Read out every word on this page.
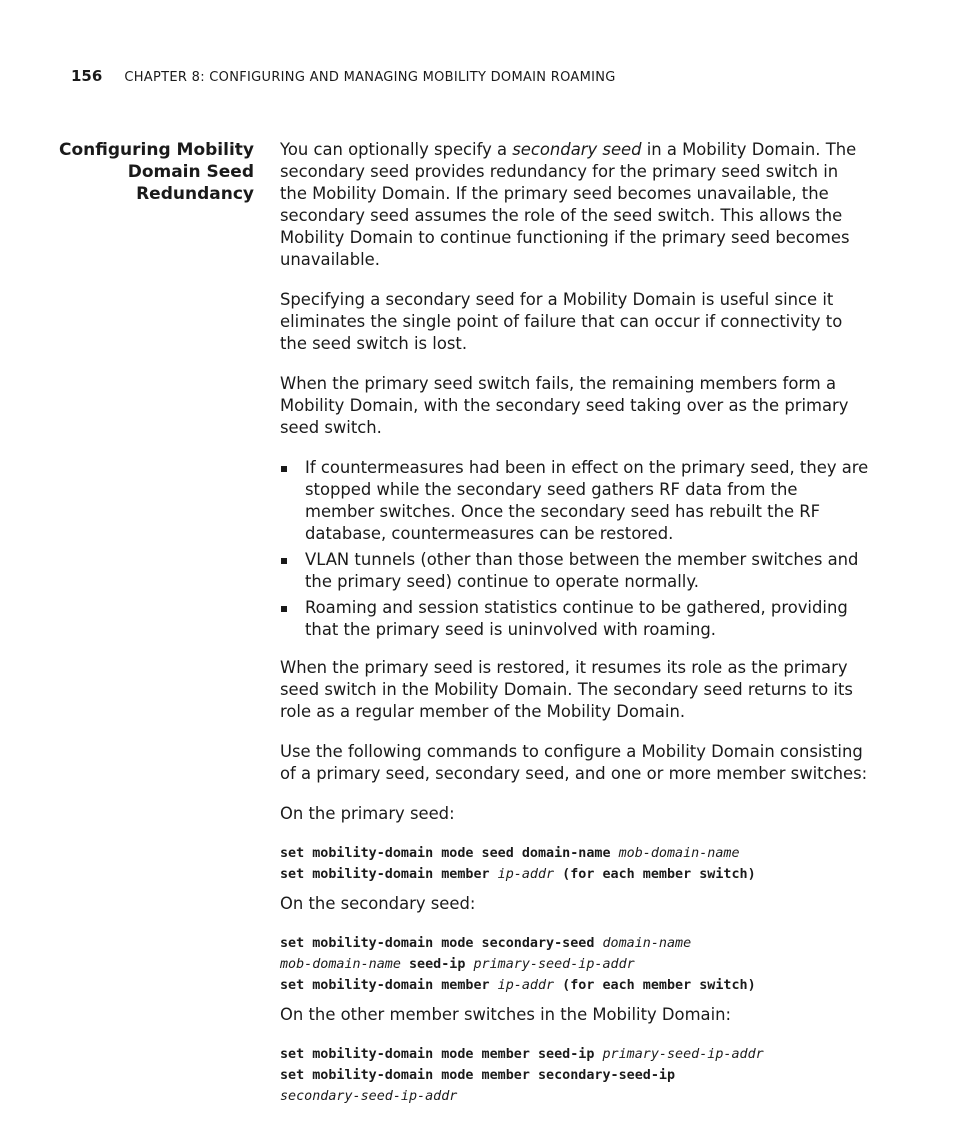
156 CHAPTER 8: CONFIGURING AND MANAGING MOBILITY DOMAIN ROAMING
Configuring Mobility
Domain Seed
Redundancy

You can optionally specify a secondary seed in a Mobility Domain. The secondary seed provides redundancy for the primary seed switch in the Mobility Domain. If the primary seed becomes unavailable, the secondary seed assumes the role of the seed switch. This allows the Mobility Domain to continue functioning if the primary seed becomes unavailable.

Specifying a secondary seed for a Mobility Domain is useful since it eliminates the single point of failure that can occur if connectivity to the seed switch is lost.

When the primary seed switch fails, the remaining members form a Mobility Domain, with the secondary seed taking over as the primary seed switch.

If countermeasures had been in effect on the primary seed, they are stopped while the secondary seed gathers RF data from the member switches. Once the secondary seed has rebuilt the RF database, countermeasures can be restored.
VLAN tunnels (other than those between the member switches and the primary seed) continue to operate normally.
Roaming and session statistics continue to be gathered, providing that the primary seed is uninvolved with roaming.

When the primary seed is restored, it resumes its role as the primary seed switch in the Mobility Domain. The secondary seed returns to its role as a regular member of the Mobility Domain.

Use the following commands to configure a Mobility Domain consisting of a primary seed, secondary seed, and one or more member switches:

On the primary seed:

set mobility-domain mode seed domain-name mob-domain-name
set mobility-domain member ip-addr (for each member switch)

On the secondary seed:

set mobility-domain mode secondary-seed domain-name
mob-domain-name seed-ip primary-seed-ip-addr
set mobility-domain member ip-addr (for each member switch)

On the other member switches in the Mobility Domain:

set mobility-domain mode member seed-ip primary-seed-ip-addr
set mobility-domain mode member secondary-seed-ip
secondary-seed-ip-addr
